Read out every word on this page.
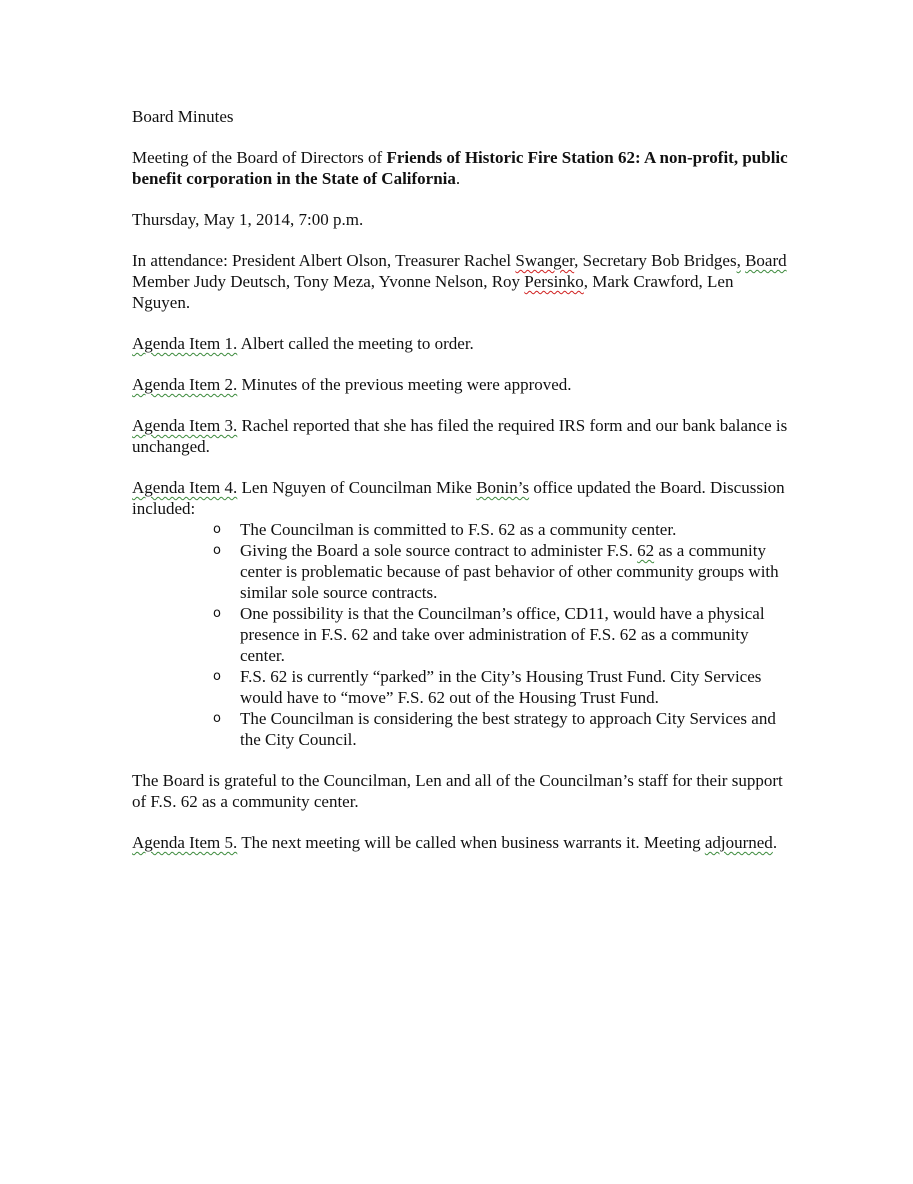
Board Minutes

Meeting of the Board of Directors of Friends of Historic Fire Station 62: A non-profit, public benefit corporation in the State of California.

Thursday, May 1, 2014, 7:00 p.m.

In attendance: President Albert Olson, Treasurer Rachel Swanger, Secretary Bob Bridges, Board Member Judy Deutsch, Tony Meza, Yvonne Nelson, Roy Persinko, Mark Crawford, Len Nguyen.

Agenda Item 1. Albert called the meeting to order.

Agenda Item 2. Minutes of the previous meeting were approved.

Agenda Item 3. Rachel reported that she has filed the required IRS form and our bank balance is unchanged.

Agenda Item 4. Len Nguyen of Councilman Mike Bonin’s office updated the Board. Discussion included:

o The Councilman is committed to F.S. 62 as a community center.
o Giving the Board a sole source contract to administer F.S. 62 as a community center is problematic because of past behavior of other community groups with similar sole source contracts.
o One possibility is that the Councilman’s office, CD11, would have a physical presence in F.S. 62 and take over administration of F.S. 62 as a community center.
o F.S. 62 is currently “parked” in the City’s Housing Trust Fund. City Services would have to “move” F.S. 62 out of the Housing Trust Fund.
o The Councilman is considering the best strategy to approach City Services and the City Council.

The Board is grateful to the Councilman, Len and all of the Councilman’s staff for their support of F.S. 62 as a community center.

Agenda Item 5. The next meeting will be called when business warrants it. Meeting adjourned.
